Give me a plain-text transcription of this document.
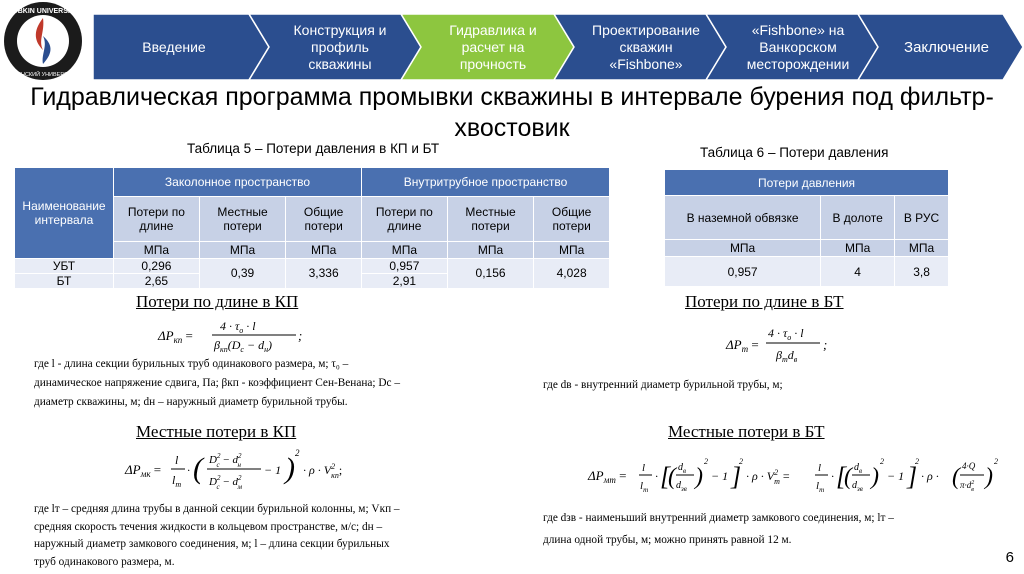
GUBKIN UNIVERSITY
ГУБКИНСКИЙ УНИВЕРСИТЕТ
Введение
Конструкция и профиль скважины
Гидравлика и расчет на прочность
Проектирование скважин «Fishbone»
«Fishbone» на Ванкорском месторождении
Заключение
Гидравлическая программа промывки скважины в интервале бурения под фильтр-хвостовик
Таблица 5 – Потери давления в КП и БТ
Наименование интервала	Заколонное пространство			Внутритрубное пространство		
	Потери по длине	Местные потери	Общие потери	Потери по длине	Местные потери	Общие потери
	МПа	МПа	МПа	МПа	МПа	МПа
УБТ	0,296	0,39	3,336	0,957	0,156	4,028
БТ	2,65			2,91		
Таблица 6 – Потери давления
Потери давления		
В наземной обвязке	В долоте	В РУС
МПа	МПа	МПа
0,957	4	3,8
Потери по длине в КП
$\Delta P_{кп}$ =
$4 \cdot \tau_о \cdot l$
$\beta_{кп}(D_с - d_н)$
;
где l - длина секции бурильных труб одинакового размера, м; τ₀ –
динамическое напряжение сдвига, Па; βкп - коэффициент Сен-Венана; Dс –
диаметр скважины, м; dн – наружный диаметр бурильной трубы.
Потери по длине в БТ
$\Delta P_т$ =
$4 \cdot \tau_о \cdot l$
$\beta_тd_в$
;
где dв - внутренний диаметр бурильной трубы, м;
Местные потери в КП
$\Delta P_{мк}$ =
l
$l_т$
· ( $D^2$ $с - d^2$ н
$D^2$ $с - d^2$ м
− 1 ) 2
· $\rho \cdot V^2$ кп;
где lт – средняя длина трубы в данной секции бурильной колонны, м; Vкп –
средняя скорость течения жидкости в кольцевом пространстве, м/с; dн –
наружный диаметр замкового соединения, м; l – длина секции бурильных
труб одинакового размера, м.
Местные потери в БТ
$\Delta P_{мт} = l$
$l_т$
· [
( $d_в$
$d_{зв}$ )
2
− 1 ]
2
· $\rho \cdot V^2$ т =
l
$l_т$
· [
( $d_в$
$d_{зв}$ )
2
− 1 ]
2
· ρ · ( 4·Q
$\pi\cdot d^2$ в )
2
где dзв - наименьший внутренний диаметр замкового соединения, м; lт –
длина одной трубы, м; можно принять равной 12 м.
6
